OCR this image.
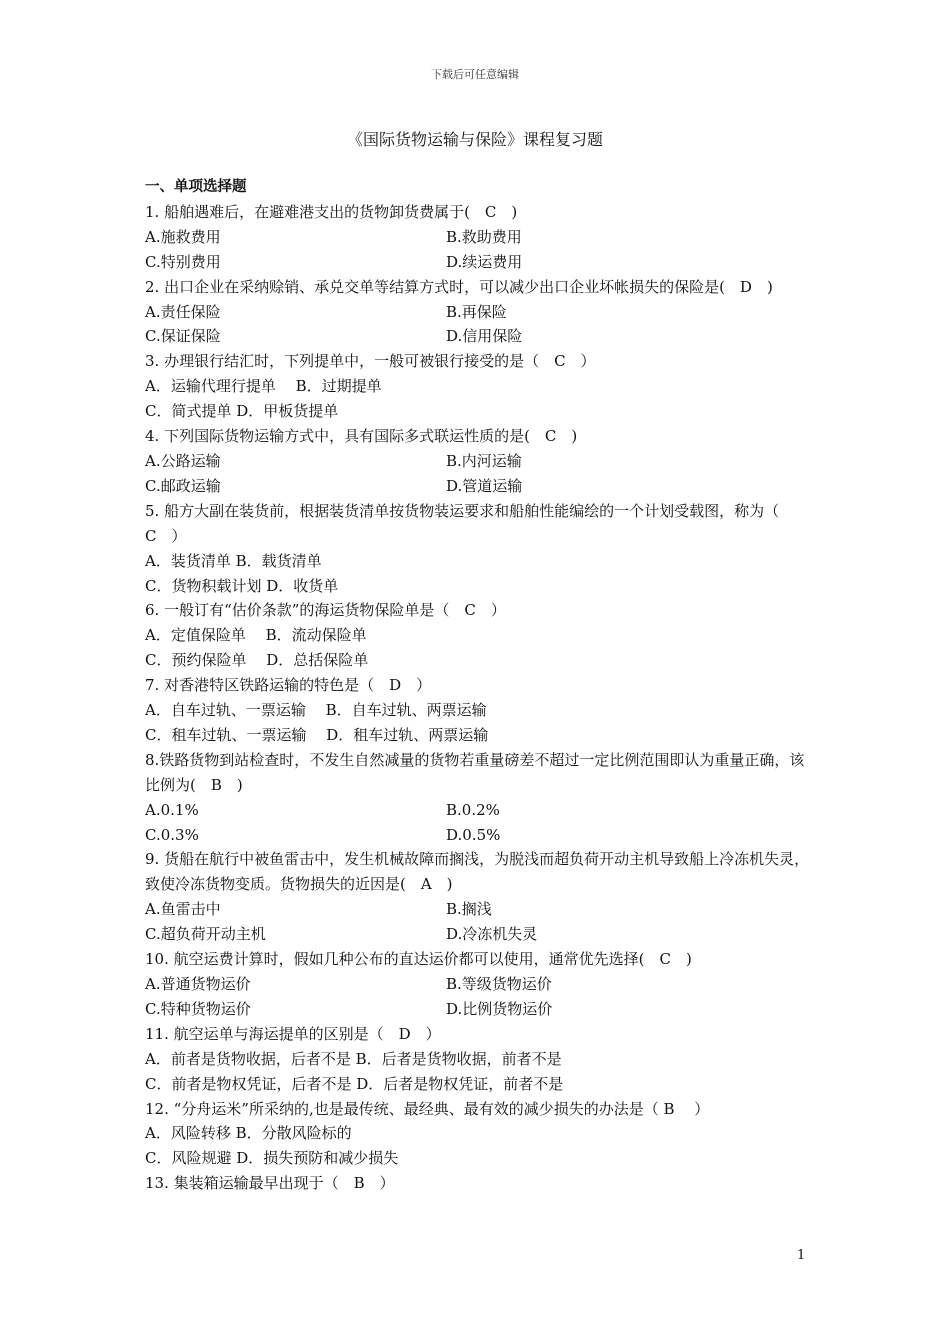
下载后可任意编辑
《国际货物运输与保险》课程复习题
一、单项选择题
1. 船舶遇难后，在避难港支出的货物卸货费属于(　C　)
A.施救费用	B.救助费用
C.特别费用	D.续运费用
2. 出口企业在采纳赊销、承兑交单等结算方式时，可以减少出口企业坏帐损失的保险是(　D　)
A.责任保险	B.再保险
C.保证保险	D.信用保险
3. 办理银行结汇时，下列提单中，一般可被银行接受的是（　C　）
A．运输代理行提单　 B．过期提单
C．简式提单 D．甲板货提单
4. 下列国际货物运输方式中，具有国际多式联运性质的是(　C　)
A.公路运输	B.内河运输
C.邮政运输	D.管道运输
5. 船方大副在装货前，根据装货清单按货物装运要求和船舶性能编绘的一个计划受载图，称为（　C　）
A．装货清单 B．载货清单
C．货物积载计划 D．收货单
6. 一般订有“估价条款”的海运货物保险单是（　C　）
A．定值保险单　 B．流动保险单
C．预约保险单　 D．总括保险单
7. 对香港特区铁路运输的特色是（　D　）
A．自车过轨、一票运输　 B．自车过轨、两票运输
C．租车过轨、一票运输　 D．租车过轨、两票运输
8.铁路货物到站检查时，不发生自然减量的货物若重量磅差不超过一定比例范围即认为重量正确，该比例为(　B　)
A.0.1%	B.0.2%
C.0.3%	D.0.5%
9. 货船在航行中被鱼雷击中，发生机械故障而搁浅，为脱浅而超负荷开动主机导致船上冷冻机失灵，致使冷冻货物变质。货物损失的近因是(　A　)
A.鱼雷击中	B.搁浅
C.超负荷开动主机	D.冷冻机失灵
10. 航空运费计算时，假如几种公布的直达运价都可以使用，通常优先选择(　C　)
A.普通货物运价	B.等级货物运价
C.特种货物运价	D.比例货物运价
11. 航空运单与海运提单的区别是（　D　）
A．前者是货物收据，后者不是 B．后者是货物收据，前者不是
C．前者是物权凭证，后者不是 D．后者是物权凭证，前者不是
12. “分舟运米”所采纳的,也是最传统、最经典、最有效的减少损失的办法是（ B　 ）
A．风险转移 B．分散风险标的
C．风险规避 D．损失预防和减少损失
13. 集装箱运输最早出现于（　B　）
1
